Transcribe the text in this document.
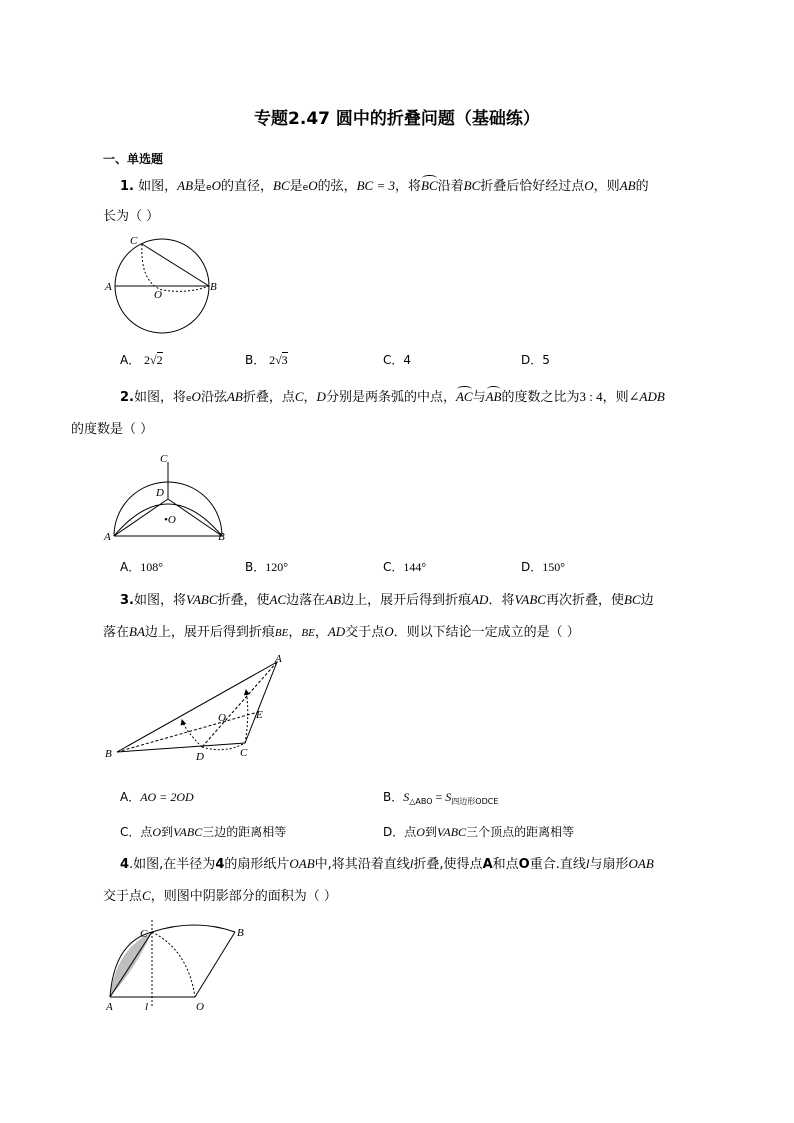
专题2.47 圆中的折叠问题（基础练）
一、单选题
1. 如图，AB是eO的直径，BC是eO的弦，BC = 3，将BC沿着BC折叠后恰好经过点O，则AB的
长为（ ）
C
A	B
O
A． 2√2	B． 2√3	C．4	D．5
2.如图，将eO沿弦AB折叠，点C，D分别是两条弧的中点，AC与AB的度数之比为3 : 4，则∠ADB
的度数是（ ）
C
D
•O
A	B
A．108°	B．120°	C．144°	D．150°
3.如图，将VABC折叠，使AC边落在AB边上，展开后得到折痕AD．将VABC再次折叠，使BC边
落在BA边上，展开后得到折痕BE，BE，AD交于点O．则以下结论一定成立的是（ ）
A
B	C
D
E
O
A．AO = 2OD	B．$S_{\triangle ABO} = S_{四边形ODCE}$
C．点O到VABC三边的距离相等	D．点O到VABC三个顶点的距离相等
4.如图,在半径为4的扇形纸片OAB中,将其沿着直线l折叠,使得点A和点O重合.直线l与扇形OAB
交于点C，则图中阴影部分的面积为（ ）
C	B
A	l	O
